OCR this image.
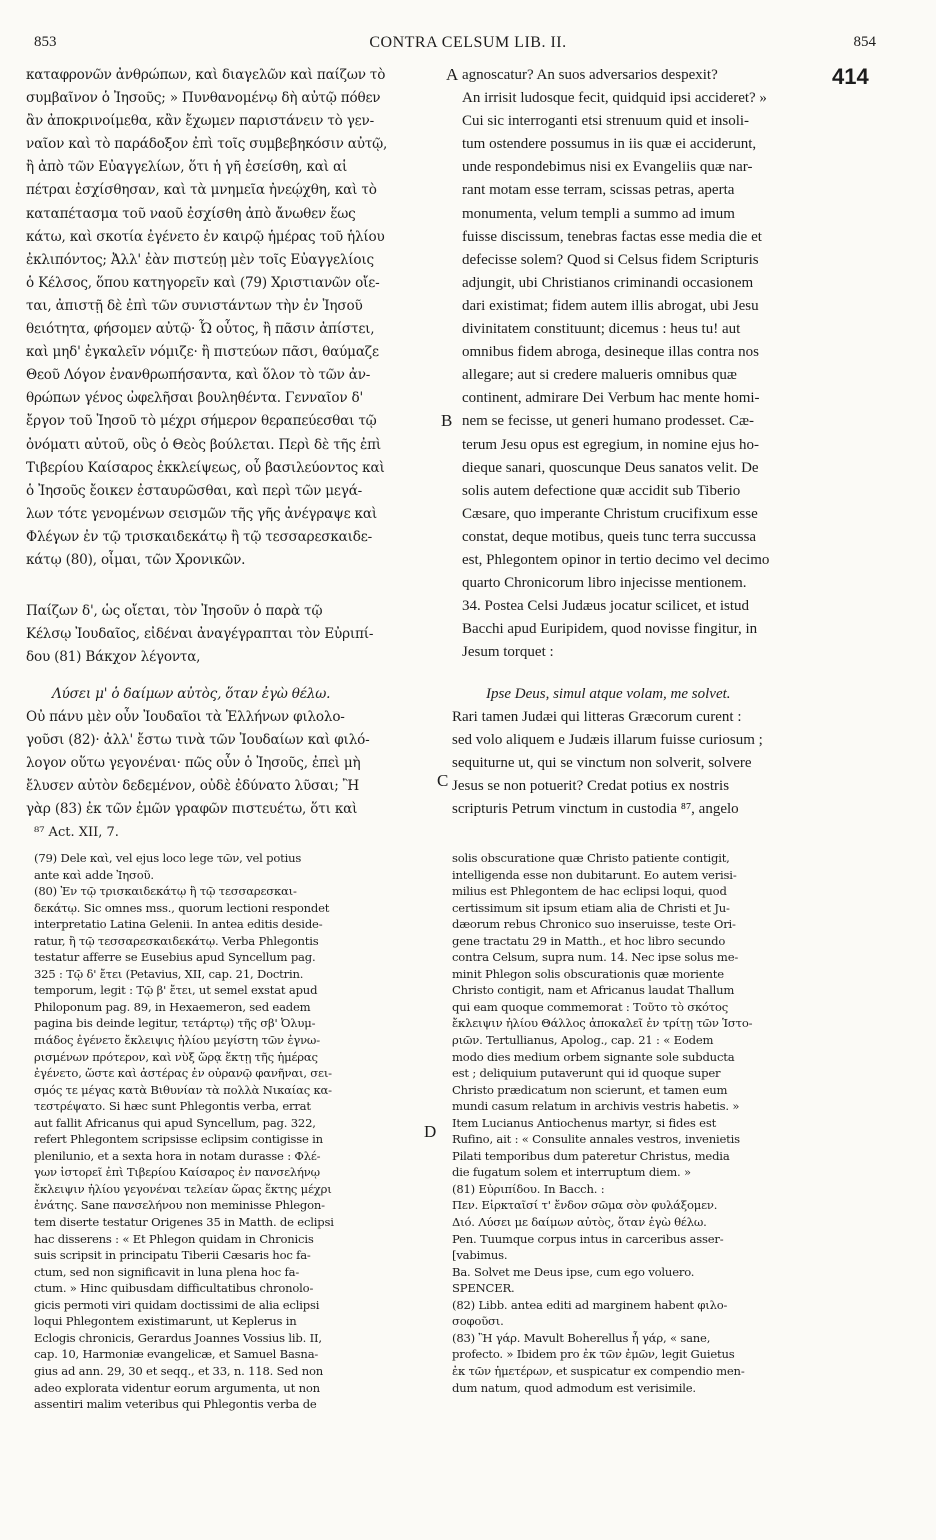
853	CONTRA CELSUM LIB. II.	854
A
B
C
D
414
καταφρονῶν ἀνθρώπων, καὶ διαγελῶν καὶ παίζων τὸ
συμβαῖνον ὁ Ἰησοῦς; » Πυνθανομένῳ δὴ αὐτῷ πόθεν
ἂν ἀποκρινοίμεθα, κἂν ἔχωμεν παριστάνειν τὸ γεν-
ναῖον καὶ τὸ παράδοξον ἐπὶ τοῖς συμβεβηκόσιν αὐτῷ,
ἢ ἀπὸ τῶν Εὐαγγελίων, ὅτι ἡ γῆ ἐσείσθη, καὶ αἱ
πέτραι ἐσχίσθησαν, καὶ τὰ μνημεῖα ἠνεῴχθη, καὶ τὸ
καταπέτασμα τοῦ ναοῦ ἐσχίσθη ἀπὸ ἄνωθεν ἕως
κάτω, καὶ σκοτία ἐγένετο ἐν καιρῷ ἡμέρας τοῦ ἡλίου
ἐκλιπόντος; Ἀλλ' ἐὰν πιστεύῃ μὲν τοῖς Εὐαγγελίοις
ὁ Κέλσος, ὅπου κατηγορεῖν καὶ (79) Χριστιανῶν οἴε-
ται, ἀπιστῇ δὲ ἐπὶ τῶν συνιστάντων τὴν ἐν Ἰησοῦ
θειότητα, φήσομεν αὐτῷ· Ὦ οὗτος, ἢ πᾶσιν ἀπίστει,
καὶ μηδ' ἐγκαλεῖν νόμιζε· ἢ πιστεύων πᾶσι, θαύμαζε
Θεοῦ Λόγον ἐνανθρωπήσαντα, καὶ ὅλον τὸ τῶν ἀν-
θρώπων γένος ὠφελῆσαι βουληθέντα. Γενναῖον δ'
ἔργον τοῦ Ἰησοῦ τὸ μέχρι σήμερον θεραπεύεσθαι τῷ
ὀνόματι αὐτοῦ, οὓς ὁ Θεὸς βούλεται. Περὶ δὲ τῆς ἐπὶ
Τιβερίου Καίσαρος ἐκκλείψεως, οὗ βασιλεύοντος καὶ
ὁ Ἰησοῦς ἔοικεν ἐσταυρῶσθαι, καὶ περὶ τῶν μεγά-
λων τότε γενομένων σεισμῶν τῆς γῆς ἀνέγραψε καὶ
Φλέγων ἐν τῷ τρισκαιδεκάτῳ ἢ τῷ τεσσαρεσκαιδε-
κάτῳ (80), οἶμαι, τῶν Χρονικῶν.
Παίζων δ', ὡς οἴεται, τὸν Ἰησοῦν ὁ παρὰ τῷ
Κέλσῳ Ἰουδαῖος, εἰδέναι ἀναγέγραπται τὸν Εὐριπί-
δου (81) Βάκχον λέγοντα,
Λύσει μ' ὁ δαίμων αὐτὸς, ὅταν ἐγὼ θέλω.
Οὐ πάνυ μὲν οὖν Ἰουδαῖοι τὰ Ἑλλήνων φιλολο-
γοῦσι (82)· ἀλλ' ἔστω τινὰ τῶν Ἰουδαίων καὶ φιλό-
λογον οὕτω γεγονέναι· πῶς οὖν ὁ Ἰησοῦς, ἐπεὶ μὴ
ἔλυσεν αὐτὸν δεδεμένον, οὐδὲ ἐδύνατο λῦσαι; Ἢ
γὰρ (83) ἐκ τῶν ἐμῶν γραφῶν πιστευέτω, ὅτι καὶ
agnoscatur? An suos adversarios despexit?
An irrisit ludosque fecit, quidquid ipsi accideret? »
Cui sic interroganti etsi strenuum quid et insoli-
tum ostendere possumus in iis quæ ei acciderunt,
unde respondebimus nisi ex Evangeliis quæ nar-
rant motam esse terram, scissas petras, aperta
monumenta, velum templi a summo ad imum
fuisse discissum, tenebras factas esse media die et
defecisse solem? Quod si Celsus fidem Scripturis
adjungit, ubi Christianos criminandi occasionem
dari existimat; fidem autem illis abrogat, ubi Jesu
divinitatem constituunt; dicemus : heus tu! aut
omnibus fidem abroga, desineque illas contra nos
allegare; aut si credere malueris omnibus quæ
continent, admirare Dei Verbum hac mente homi-
nem se fecisse, ut generi humano prodesset. Cæ-
terum Jesu opus est egregium, in nomine ejus ho-
dieque sanari, quoscunque Deus sanatos velit. De
solis autem defectione quæ accidit sub Tiberio
Cæsare, quo imperante Christum crucifixum esse
constat, deque motibus, queis tunc terra succussa
est, Phlegontem opinor in tertio decimo vel decimo
quarto Chronicorum libro injecisse mentionem.
34. Postea Celsi Judæus jocatur scilicet, et istud
Bacchi apud Euripidem, quod novisse fingitur, in
Jesum torquet :
Ipse Deus, simul atque volam, me solvet.
Rari tamen Judæi qui litteras Græcorum curent :
sed volo aliquem e Judæis illarum fuisse curiosum ;
sequiturne ut, qui se vinctum non solverit, solvere
Jesus se non potuerit? Credat potius ex nostris
scripturis Petrum vinctum in custodia ⁸⁷, angelo
⁸⁷ Act. XII, 7.
(79) Dele καὶ, vel ejus loco lege τῶν, vel potius
ante καὶ adde Ἰησοῦ.
(80) Ἐν τῷ τρισκαιδεκάτῳ ἢ τῷ τεσσαρεσκαι-
δεκάτῳ. Sic omnes mss., quorum lectioni respondet
interpretatio Latina Gelenii. In antea editis deside-
ratur, ἢ τῷ τεσσαρεσκαιδεκάτῳ. Verba Phlegontis
testatur afferre se Eusebius apud Syncellum pag.
325 : Τῷ δ' ἔτει (Petavius, XII, cap. 21, Doctrin.
temporum, legit : Τῷ β' ἔτει, ut semel exstat apud
Philoponum pag. 89, in Hexaemeron, sed eadem
pagina bis deinde legitur, τετάρτῳ) τῆς σβ' Ὀλυμ-
πιάδος ἐγένετο ἔκλειψις ἡλίου μεγίστη τῶν ἐγνω-
ρισμένων πρότερον, καὶ νὺξ ὥρᾳ ἕκτῃ τῆς ἡμέρας
ἐγένετο, ὥστε καὶ ἀστέρας ἐν οὐρανῷ φανῆναι, σει-
σμός τε μέγας κατὰ Βιθυνίαν τὰ πολλὰ Νικαίας κα-
τεστρέψατο. Si hæc sunt Phlegontis verba, errat
aut fallit Africanus qui apud Syncellum, pag. 322,
refert Phlegontem scripsisse eclipsim contigisse in
plenilunio, et a sexta hora in notam durasse : Φλέ-
γων ἱστορεῖ ἐπὶ Τιβερίου Καίσαρος ἐν πανσελήνῳ
ἔκλειψιν ἡλίου γεγονέναι τελείαν ὥρας ἕκτης μέχρι
ἐνάτης. Sane πανσελήνου non meminisse Phlegon-
tem diserte testatur Origenes 35 in Matth. de eclipsi
hac disserens : « Et Phlegon quidam in Chronicis
suis scripsit in principatu Tiberii Cæsaris hoc fa-
ctum, sed non significavit in luna plena hoc fa-
ctum. » Hinc quibusdam difficultatibus chronolo-
gicis permoti viri quidam doctissimi de alia eclipsi
loqui Phlegontem existimarunt, ut Keplerus in
Eclogis chronicis, Gerardus Joannes Vossius lib. II,
cap. 10, Harmoniæ evangelicæ, et Samuel Basna-
gius ad ann. 29, 30 et seqq., et 33, n. 118. Sed non
adeo explorata videntur eorum argumenta, ut non
assentiri malim veteribus qui Phlegontis verba de
solis obscuratione quæ Christo patiente contigit,
intelligenda esse non dubitarunt. Eo autem verisi-
milius est Phlegontem de hac eclipsi loqui, quod
certissimum sit ipsum etiam alia de Christi et Ju-
dæorum rebus Chronico suo inseruisse, teste Ori-
gene tractatu 29 in Matth., et hoc libro secundo
contra Celsum, supra num. 14. Nec ipse solus me-
minit Phlegon solis obscurationis quæ moriente
Christo contigit, nam et Africanus laudat Thallum
qui eam quoque commemorat : Τοῦτο τὸ σκότος
ἔκλειψιν ἡλίου Θάλλος ἀποκαλεῖ ἐν τρίτῃ τῶν Ἱστο-
ριῶν. Tertullianus, Apolog., cap. 21 : « Eodem
modo dies medium orbem signante sole subducta
est ; deliquium putaverunt qui id quoque super
Christo prædicatum non scierunt, et tamen eum
mundi casum relatum in archivis vestris habetis. »
Item Lucianus Antiochenus martyr, si fides est
Rufino, ait : « Consulite annales vestros, invenietis
Pilati temporibus dum pateretur Christus, media
die fugatum solem et interruptum diem. »
(81) Εὐριπίδου. In Bacch. :
Πεν. Εἱρκταῖσί τ' ἔνδον σῶμα σὸν φυλάξομεν.
Διό. Λύσει με δαίμων αὐτὸς, ὅταν ἐγὼ θέλω.
Pen. Tuumque corpus intus in carceribus asser-
[vabimus.
Ba. Solvet me Deus ipse, cum ego voluero.
SPENCER.
(82) Libb. antea editi ad marginem habent φιλο-
σοφοῦσι.
(83) Ἢ γάρ. Mavult Boherellus ἦ γάρ, « sane,
profecto. » Ibidem pro ἐκ τῶν ἐμῶν, legit Guietus
ἐκ τῶν ἡμετέρων, et suspicatur ex compendio men-
dum natum, quod admodum est verisimile.
